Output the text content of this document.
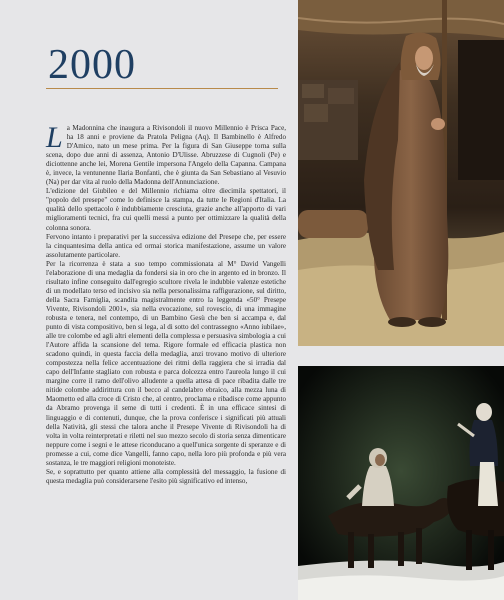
2000

La Madonnina che inaugura a Rivisondoli il nuovo Millennio è Prisca Pace, ha 18 anni e proviene da Pratola Peligna (Aq). Il Bambinello è Alfredo D'Amico, nato un mese prima. Per la figura di San Giuseppe torna sulla scena, dopo due anni di assenza, Antonio D'Ulisse. Abruzzese di Cugnoli (Pe) e diciottenne anche lei, Morena Gentile impersona l'Angelo della Capanna. Campana è, invece, la ventunenne Ilaria Bonfanti, che è giunta da San Sebastiano al Vesuvio (Na) per dar vita al ruolo della Madonna dell'Annunciazione.

L'edizione del Giubileo e del Millennio richiama oltre diecimila spettatori, il "popolo del presepe" come lo definisce la stampa, da tutte le Regioni d'Italia. La qualità dello spettacolo è indubbiamente cresciuta, grazie anche all'apporto di vari miglioramenti tecnici, fra cui quelli messi a punto per ottimizzare la qualità della colonna sonora.

Fervono intanto i preparativi per la successiva edizione del Presepe che, per essere la cinquantesima della antica ed ormai storica manifestazione, assume un valore assolutamente particolare.

Per la ricorrenza è stata a suo tempo commissionata al M° David Vangelli l'elaborazione di una medaglia da fondersi sia in oro che in argento ed in bronzo. Il risultato infine conseguito dall'egregio scultore rivela le indubbie valenze estetiche di un modellato terso ed incisivo sia nella personalissima raffigurazione, sul diritto, della Sacra Famiglia, scandita magistralmente entro la leggenda «50° Presepe Vivente, Rivisondoli 2001», sia nella evocazione, sul rovescio, di una immagine robusta e tenera, nel contempo, di un Bambino Gesù che ben si accampa e, dal punto di vista compositivo, ben si lega, al di sotto del contrassegno «Anno iubilae», alle tre colombe ed agli altri elementi della complessa e persuasiva simbologia a cui l'Autore affida la scansione del tema. Rigore formale ed efficacia plastica non scadono quindi, in questa faccia della medaglia, anzi trovano motivo di ulteriore compostezza nella felice accentuazione dei ritmi della raggiera che si irradia dal capo dell'Infante stagliato con robusta e parca dolcezza entro l'aureola lungo il cui margine corre il ramo dell'olivo alludente a quella attesa di pace ribadita dalle tre nitide colombe addirittura con il becco al candelabro ebraico, alla mezza luna di Maometto ed alla croce di Cristo che, al centro, proclama e ribadisce come appunto da Abramo provenga il seme di tutti i credenti. È in una efficace sintesi di linguaggio e di contenuti, dunque, che la prova conferisce i significati più attuali della Natività, gli stessi che talora anche il Presepe Vivente di Rivisondoli ha di volta in volta reinterpretati e riletti nel suo mezzo secolo di storia senza dimenticare neppure come i segni e le attese riconducano a quell'unica sorgente di speranze e di promesse a cui, come dice Vangelli, fanno capo, nella loro più profonda e più vera sostanza, le tre maggiori religioni monoteiste.

Se, e soprattutto per quanto attiene alla complessità del messaggio, la fusione di questa medaglia può considerarsene l'esito più significativo ed intenso,
